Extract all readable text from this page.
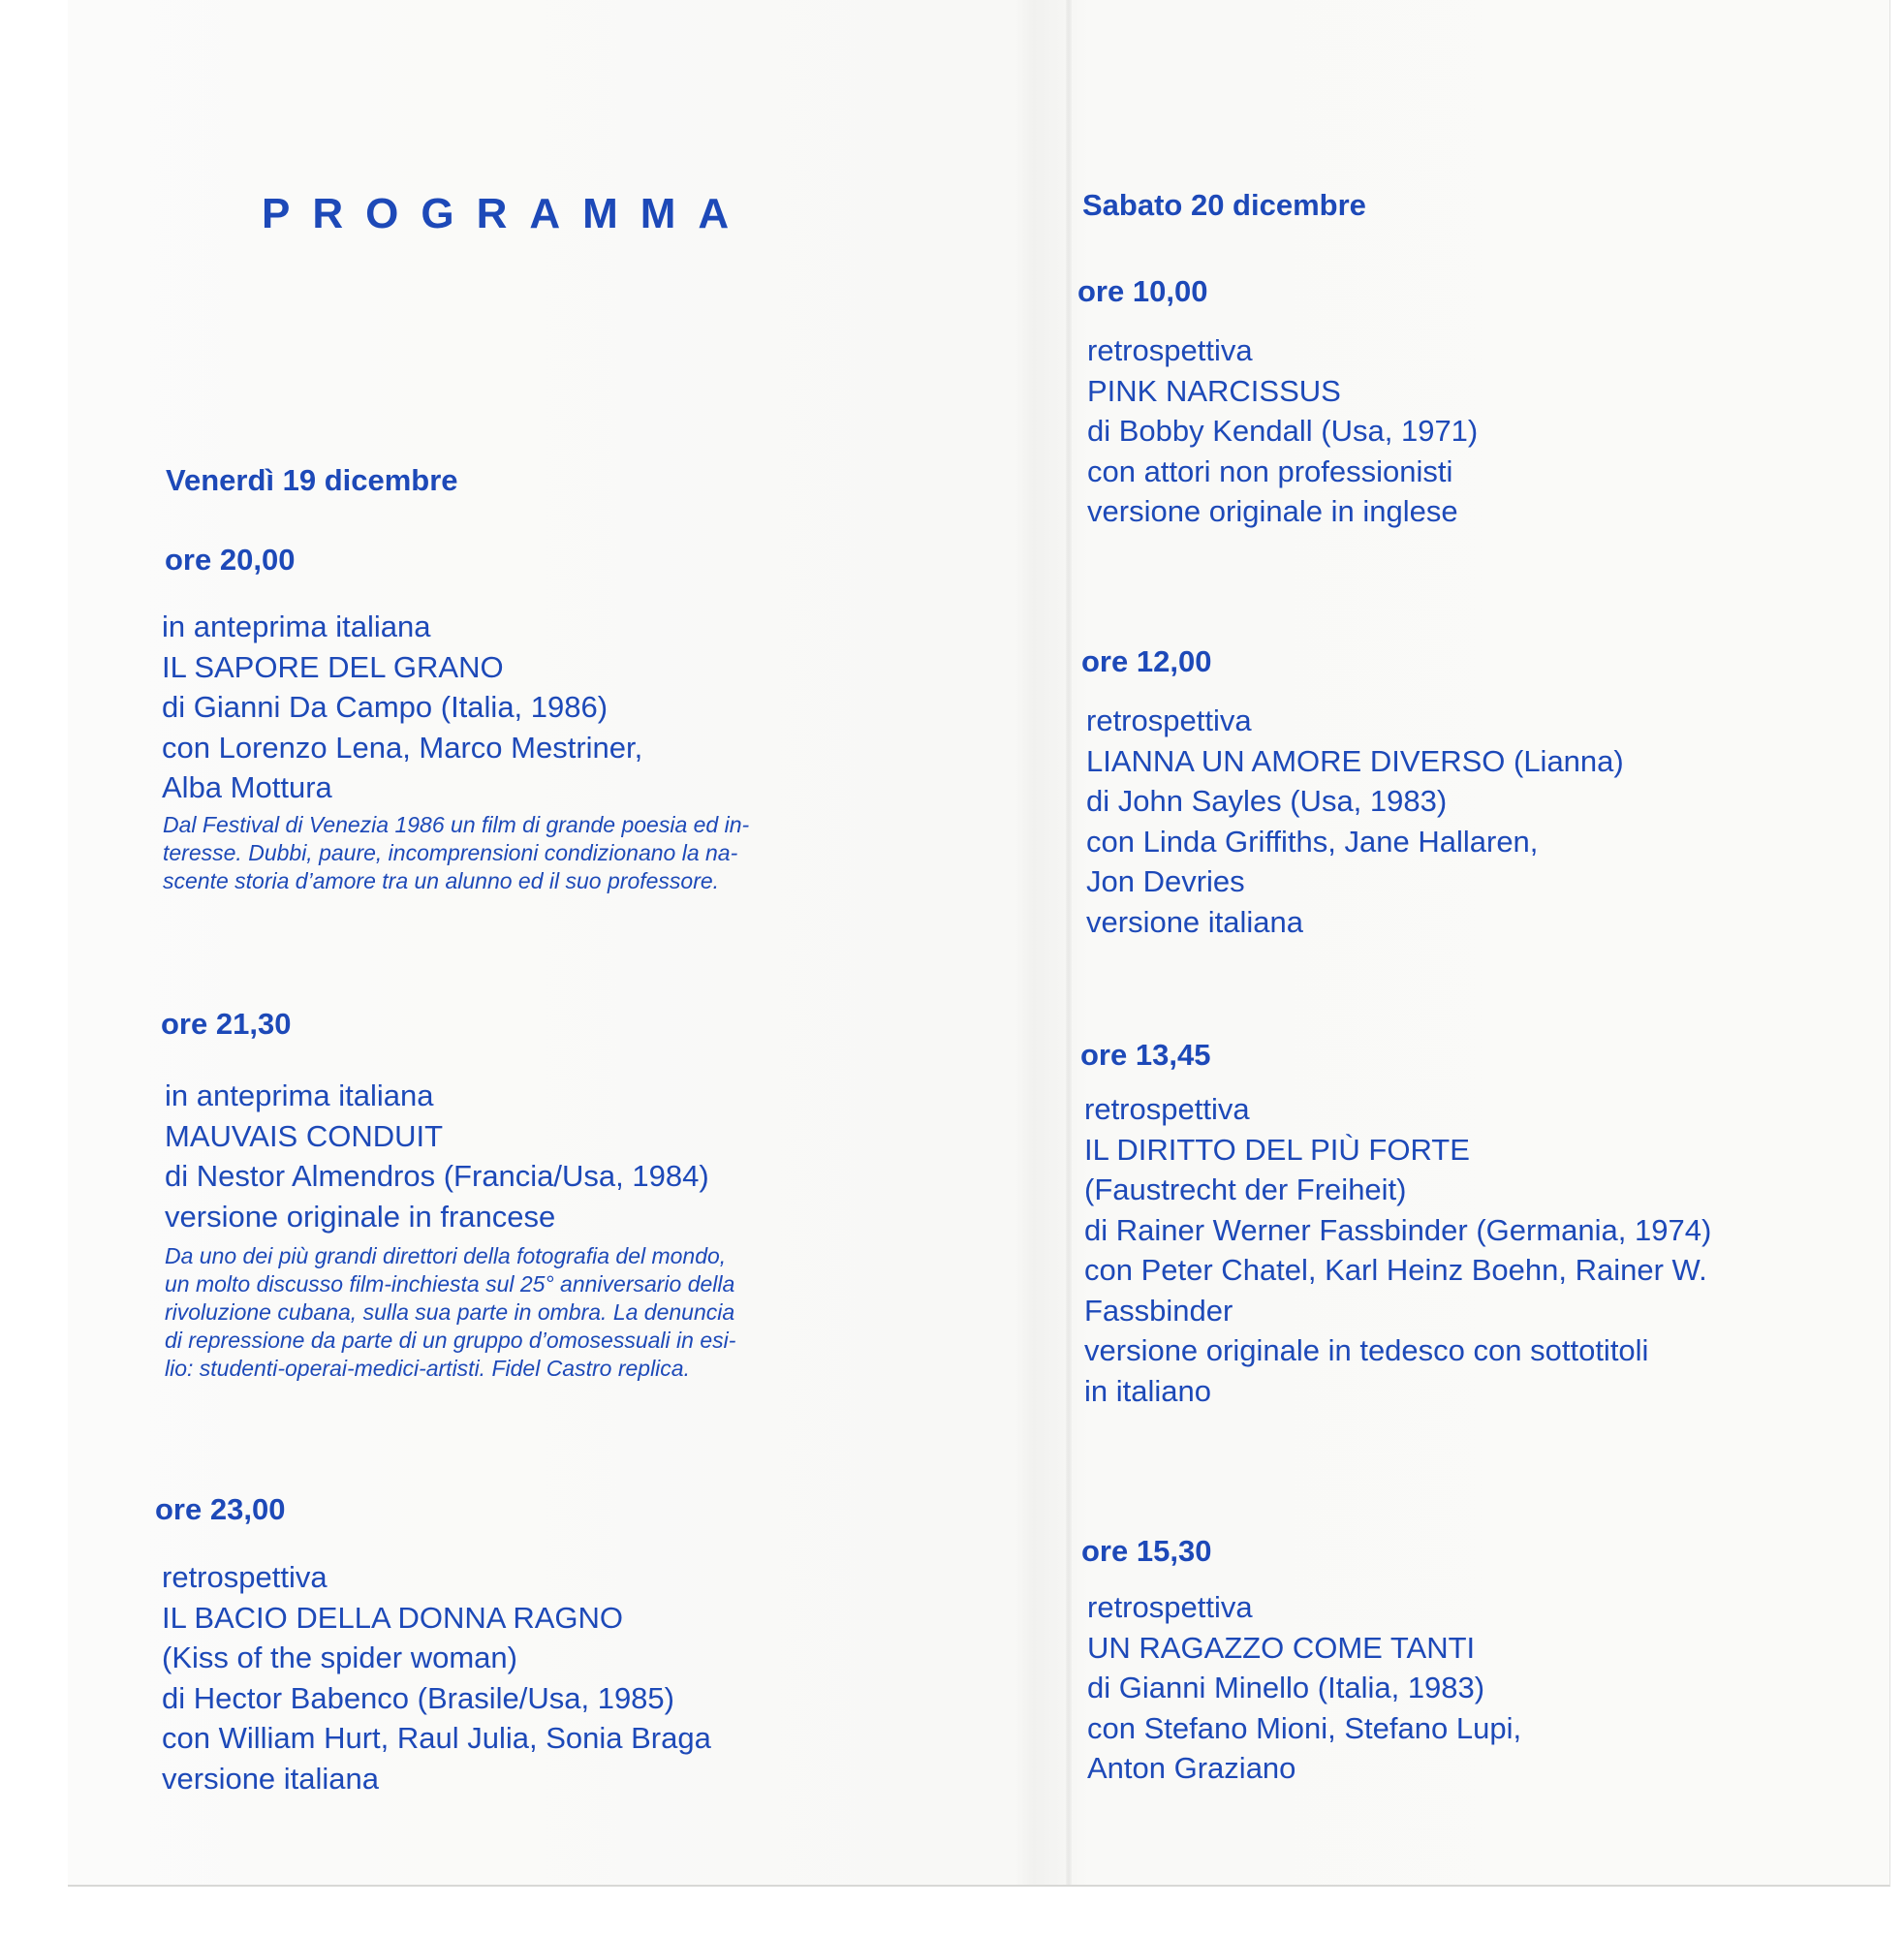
PROGRAMMA
Venerdì 19 dicembre
ore 20,00
in anteprima italiana
IL SAPORE DEL GRANO
di Gianni Da Campo (Italia, 1986)
con Lorenzo Lena, Marco Mestriner,
Alba Mottura
Dal Festival di Venezia 1986 un film di grande poesia ed in-
teresse. Dubbi, paure, incomprensioni condizionano la na-
scente storia d’amore tra un alunno ed il suo professore.
ore 21,30
in anteprima italiana
MAUVAIS CONDUIT
di Nestor Almendros (Francia/Usa, 1984)
versione originale in francese
Da uno dei più grandi direttori della fotografia del mondo,
un molto discusso film-inchiesta sul 25° anniversario della
rivoluzione cubana, sulla sua parte in ombra. La denuncia
di repressione da parte di un gruppo d’omosessuali in esi-
lio: studenti-operai-medici-artisti. Fidel Castro replica.
ore 23,00
retrospettiva
IL BACIO DELLA DONNA RAGNO
(Kiss of the spider woman)
di Hector Babenco (Brasile/Usa, 1985)
con William Hurt, Raul Julia, Sonia Braga
versione italiana
Sabato 20 dicembre
ore 10,00
retrospettiva
PINK NARCISSUS
di Bobby Kendall (Usa, 1971)
con attori non professionisti
versione originale in inglese
ore 12,00
retrospettiva
LIANNA UN AMORE DIVERSO (Lianna)
di John Sayles (Usa, 1983)
con Linda Griffiths, Jane Hallaren,
Jon Devries
versione italiana
ore 13,45
retrospettiva
IL DIRITTO DEL PIÙ FORTE
(Faustrecht der Freiheit)
di Rainer Werner Fassbinder (Germania, 1974)
con Peter Chatel, Karl Heinz Boehn, Rainer W.
Fassbinder
versione originale in tedesco con sottotitoli
in italiano
ore 15,30
retrospettiva
UN RAGAZZO COME TANTI
di Gianni Minello (Italia, 1983)
con Stefano Mioni, Stefano Lupi,
Anton Graziano
